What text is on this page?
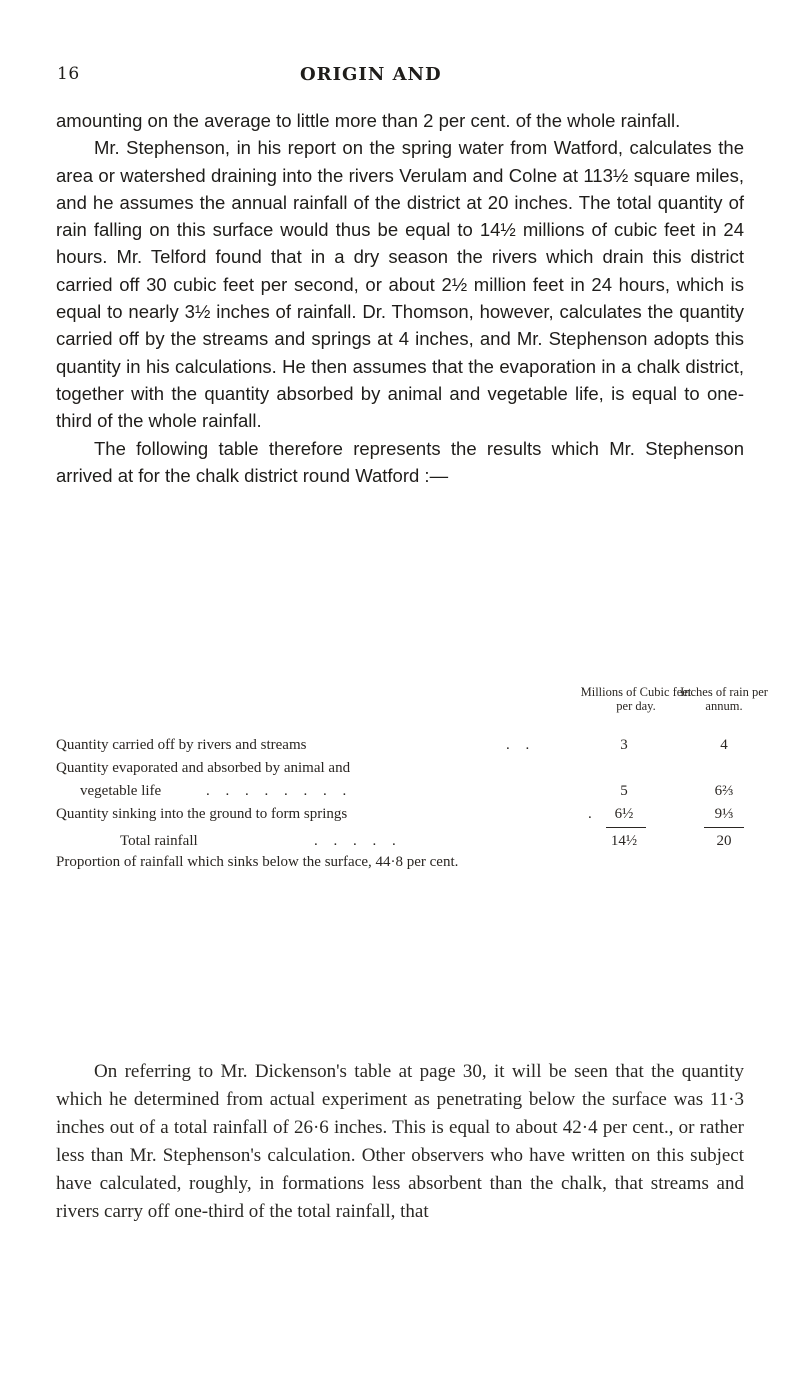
16	ORIGIN AND

amounting on the average to little more than 2 per cent. of the whole rainfall.

Mr. Stephenson, in his report on the spring water from Watford, calculates the area or watershed draining into the rivers Verulam and Colne at 113½ square miles, and he assumes the annual rainfall of the district at 20 inches. The total quantity of rain falling on this surface would thus be equal to 14½ millions of cubic feet in 24 hours. Mr. Telford found that in a dry season the rivers which drain this district carried off 30 cubic feet per second, or about 2½ million feet in 24 hours, which is equal to nearly 3½ inches of rainfall. Dr. Thomson, however, calculates the quantity carried off by the streams and springs at 4 inches, and Mr. Stephenson adopts this quantity in his calculations. He then assumes that the evaporation in a chalk district, together with the quantity absorbed by animal and vegetable life, is equal to one-third of the whole rainfall.

The following table therefore represents the results which Mr. Stephenson arrived at for the chalk district round Watford :—

Millions of Cubic feet per day.
Inches of rain per annum.
Quantity carried off by rivers and streams	. .	3	4
Quantity evaporated and absorbed by animal and
vegetable life	. . . . . . . .	5	6⅔
Quantity sinking into the ground to form springs	.	6½	9⅓
Total rainfall	. . . . .	14½	20
Proportion of rainfall which sinks below the surface, 44·8 per cent.

On referring to Mr. Dickenson's table at page 30, it will be seen that the quantity which he determined from actual experiment as penetrating below the surface was 11·3 inches out of a total rainfall of 26·6 inches. This is equal to about 42·4 per cent., or rather less than Mr. Stephenson's calculation. Other observers who have written on this subject have calculated, roughly, in formations less absorbent than the chalk, that streams and rivers carry off one-third of the total rainfall, that
